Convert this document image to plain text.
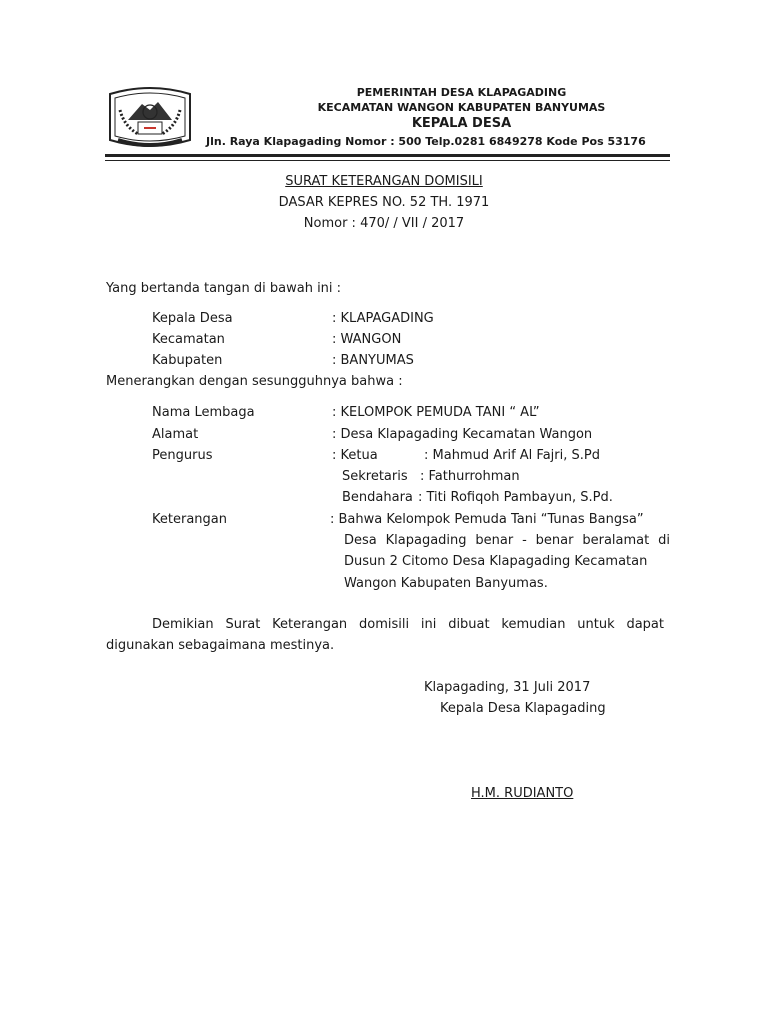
PEMERINTAH DESA KLAPAGADING
KECAMATAN WANGON KABUPATEN BANYUMAS
KEPALA DESA
Jln. Raya Klapagading Nomor : 500 Telp.0281 6849278 Kode Pos 53176
SURAT KETERANGAN DOMISILI
DASAR KEPRES NO. 52 TH. 1971
Nomor : 470/ / VII / 2017
Yang bertanda tangan di bawah ini :
Kepala Desa	: KLAPAGADING
Kecamatan	: WANGON
Kabupaten	: BANYUMAS
Menerangkan dengan sesungguhnya bahwa :
Nama Lembaga	: KELOMPOK PEMUDA TANI “ AL”
Alamat	: Desa Klapagading Kecamatan Wangon
Pengurus	: Ketua	: Mahmud Arif Al Fajri, S.Pd
Sekretaris : Fathurrohman
Bendahara : Titi Rofiqoh Pambayun, S.Pd.
Keterangan	: Bahwa Kelompok Pemuda Tani “Tunas Bangsa”
Desa Klapagading benar - benar beralamat di
Dusun 2 Citomo Desa Klapagading Kecamatan
Wangon Kabupaten Banyumas.
Demikian Surat Keterangan domisili ini dibuat kemudian untuk dapat
digunakan sebagaimana mestinya.
Klapagading, 31 Juli 2017
Kepala Desa Klapagading
H.M. RUDIANTO
